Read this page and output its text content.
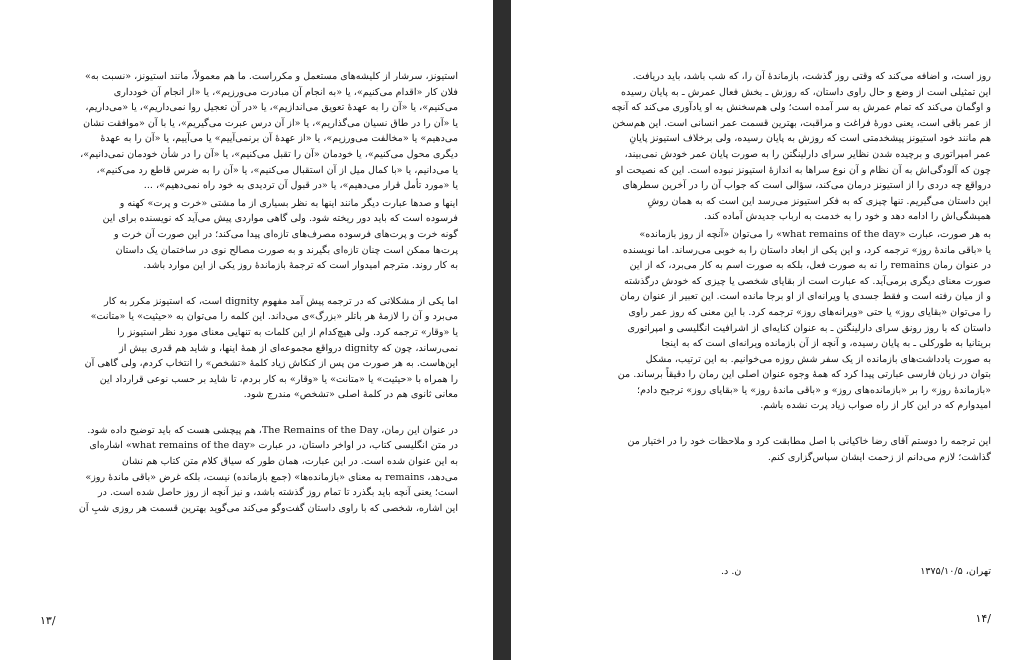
استیونز، سرشار از کلیشه‌های مستعمل و مکرراست. ما هم معمولاً، مانند استیونز، «نسبت به»
فلان کار «اقدام می‌کنیم»، یا «به انجام آن مبادرت می‌ورزیم»، یا «از انجام آن خودداری
می‌کنیم»، یا «آن را به عهدهٔ تعویق می‌اندازیم»، یا «در آن تعجیل روا نمی‌داریم»، یا «می‌داریم،
یا «آن را در طاق نسیان می‌گذاریم»، یا «از آن درس عبرت می‌گیریم»، یا با آن «موافقت نشان
می‌دهیم» یا «مخالفت می‌ورزیم»، یا «از عهدهٔ آن برنمی‌آییم» یا می‌آییم، یا «آن را به عهدهٔ
دیگری محول می‌کنیم»، یا خودمان «آن را تقبل می‌کنیم»، یا «آن را در شأن خودمان نمی‌دانیم»،
یا می‌دانیم، یا «با کمال میل از آن استقبال می‌کنیم»، یا «آن را به ضرس قاطع رد می‌کنیم»،
یا «مورد تأمل قرار می‌دهیم»، یا «در قبول آن تردیدی به خود راه نمی‌دهیم»، ...

اینها و صدها عبارت دیگر مانند اینها به نظر بسیاری از ما مشتی «خرت و پرت» کهنه و
فرسوده است که باید دور ریخته شود. ولی گاهی مواردی پیش می‌آید که نویسنده برای این
گونه خرت و پرت‌های فرسوده مصرف‌های تازه‌ای پیدا می‌کند؛ در این صورت آن خرت و
پرت‌ها ممکن است چنان تازه‌ای بگیرند و به صورت مصالح نوی در ساختمان یک داستان
به کار روند. مترجم امیدوار است که ترجمهٔ بازماندهٔ روز یکی از این موارد باشد.

اما یکی از مشکلاتی که در ترجمه پیش آمد مفهوم dignity است، که استیونز مکرر به کار
می‌برد و آن را لازمهٔ هر باتلر «بزرگ»ی می‌داند. این کلمه را می‌توان به «حیثیت» یا «متانت»
یا «وقار» ترجمه کرد. ولی هیچ‌کدام از این کلمات به تنهایی معنای مورد نظر استیونز را
نمی‌رساند، چون که dignity درواقع مجموعه‌ای از همهٔ اینها، و شاید هم قدری بیش از
این‌هاست. به هر صورت من پس از کنکاش زیاد کلمهٔ «تشخص» را انتخاب کردم، ولی گاهی آن
را همراه با «حیثیت» یا «متانت» یا «وقار» به کار بردم، تا شاید بر حسب نوعی قرارداد این
معانی ثانوی هم در کلمهٔ اصلی «تشخص» مندرج شود.

در عنوان این رمان، The Remains of the Day، هم پیچشی هست که باید توضیح داده شود.
در متن انگلیسی کتاب، در اواخر داستان، در عبارت «what remains of the day» اشاره‌ای
به این عنوان شده است. در این عبارت، همان طور که سیاق کلام متن کتاب هم نشان
می‌دهد، remains به معنای «بازمانده‌ها» (جمع بازمانده) نیست، بلکه غرض «باقی ماندهٔ روز»
است؛ یعنی آنچه باید بگذرد تا تمام روز گذشته باشد، و نیز آنچه از روز حاصل شده است. در
این اشاره، شخصی که با راوی داستان گفت‌وگو می‌کند می‌گوید بهترین قسمت هر روزی شبِ آن

۱۳/

روز است، و اضافه می‌کند که وقتی روز گذشت، بازماندهٔ آن را، که شب باشد، باید دریافت.
این تمثیلی است از وضع و حال راوی داستان، که روزش ـ بخش فعال عمرش ـ به پایان رسیده
و اوگمان می‌کند که تمام عمرش به سر آمده است؛ ولی هم‌سخنش به او یادآوری می‌کند که آنچه
از عمر باقی است، یعنی دورهٔ فراغت و مراقبت، بهترین قسمت عمر انسانی است. این هم‌سخن
هم مانند خود استیونز پیشخدمتی است که روزش به پایان رسیده، ولی برخلاف استیونز پایانِ
عمر امپراتوری و برچیده شدن نظایر سرای دارلینگتن را به صورت پایان عمر خودش نمی‌بیند،
چون که آلودگی‌اش به آن نظام و آن نوع سراها به اندازهٔ استیونز نبوده است. این که نصیحت او
درواقع چه دردی را از استیونز درمان می‌کند، سؤالی است که جواب آن را در آخرین سطرهای
این داستان می‌گیریم. تنها چیزی که به فکر استیونز می‌رسد این است که به همان روشِ
همیشگی‌اش را ادامه دهد و خود را به خدمت به ارباب جدیدش آماده کند.

به هر صورت، عبارت «what remains of the day» را می‌توان «آنچه از روز بازمانده»
یا «باقی ماندهٔ روز» ترجمه کرد، و این یکی از ابعاد داستان را به خوبی می‌رساند. اما نویسنده
در عنوان رمان remains را نه به صورت فعل، بلکه به صورت اسم به کار می‌برد، که از این
صورت معنای دیگری برمی‌آید. که عبارت است از بقایای شخصی یا چیزی که خودش درگذشته
و از میان رفته است و فقط جسدی یا ویرانه‌ای از او برجا مانده است. این تعبیر از عنوان رمان
را می‌توان «بقایای روز» یا حتی «ویرانه‌های روز» ترجمه کرد. با این معنی که روز عمر راوی
داستان که با روز رونق سرای دارلینگتن ـ به عنوان کنایه‌ای از اشرافیت انگلیسی و امپراتوری
بریتانیا به طورکلی ـ به پایان رسیده، و آنچه از آن بازمانده ویرانه‌ای است که به اینجا
به صورت یادداشت‌های بازمانده از یک سفر شش روزه می‌خوانیم. به این ترتیب، مشکل
بتوان در زبان فارسی عبارتی پیدا کرد که همهٔ وجوه عنوان اصلی این رمان را دقیقاً برساند. من
«بازماندهٔ روز» را بر «بازمانده‌های روز» و «باقی ماندهٔ روز» یا «بقایای روز» ترجیح دادم؛
امیدوارم که در این کار از راه صواب زیاد پرت نشده باشم.

این ترجمه را دوستم آقای رضا خاکیانی با اصل مطابقت کرد و ملاحظات خود را در اختیار من
گذاشت؛ لازم می‌دانم از زحمت ایشان سپاس‌گزاری کنم.

تهران، ۱۳۷۵/۱۰/۵
ن. د.
۱۴/
